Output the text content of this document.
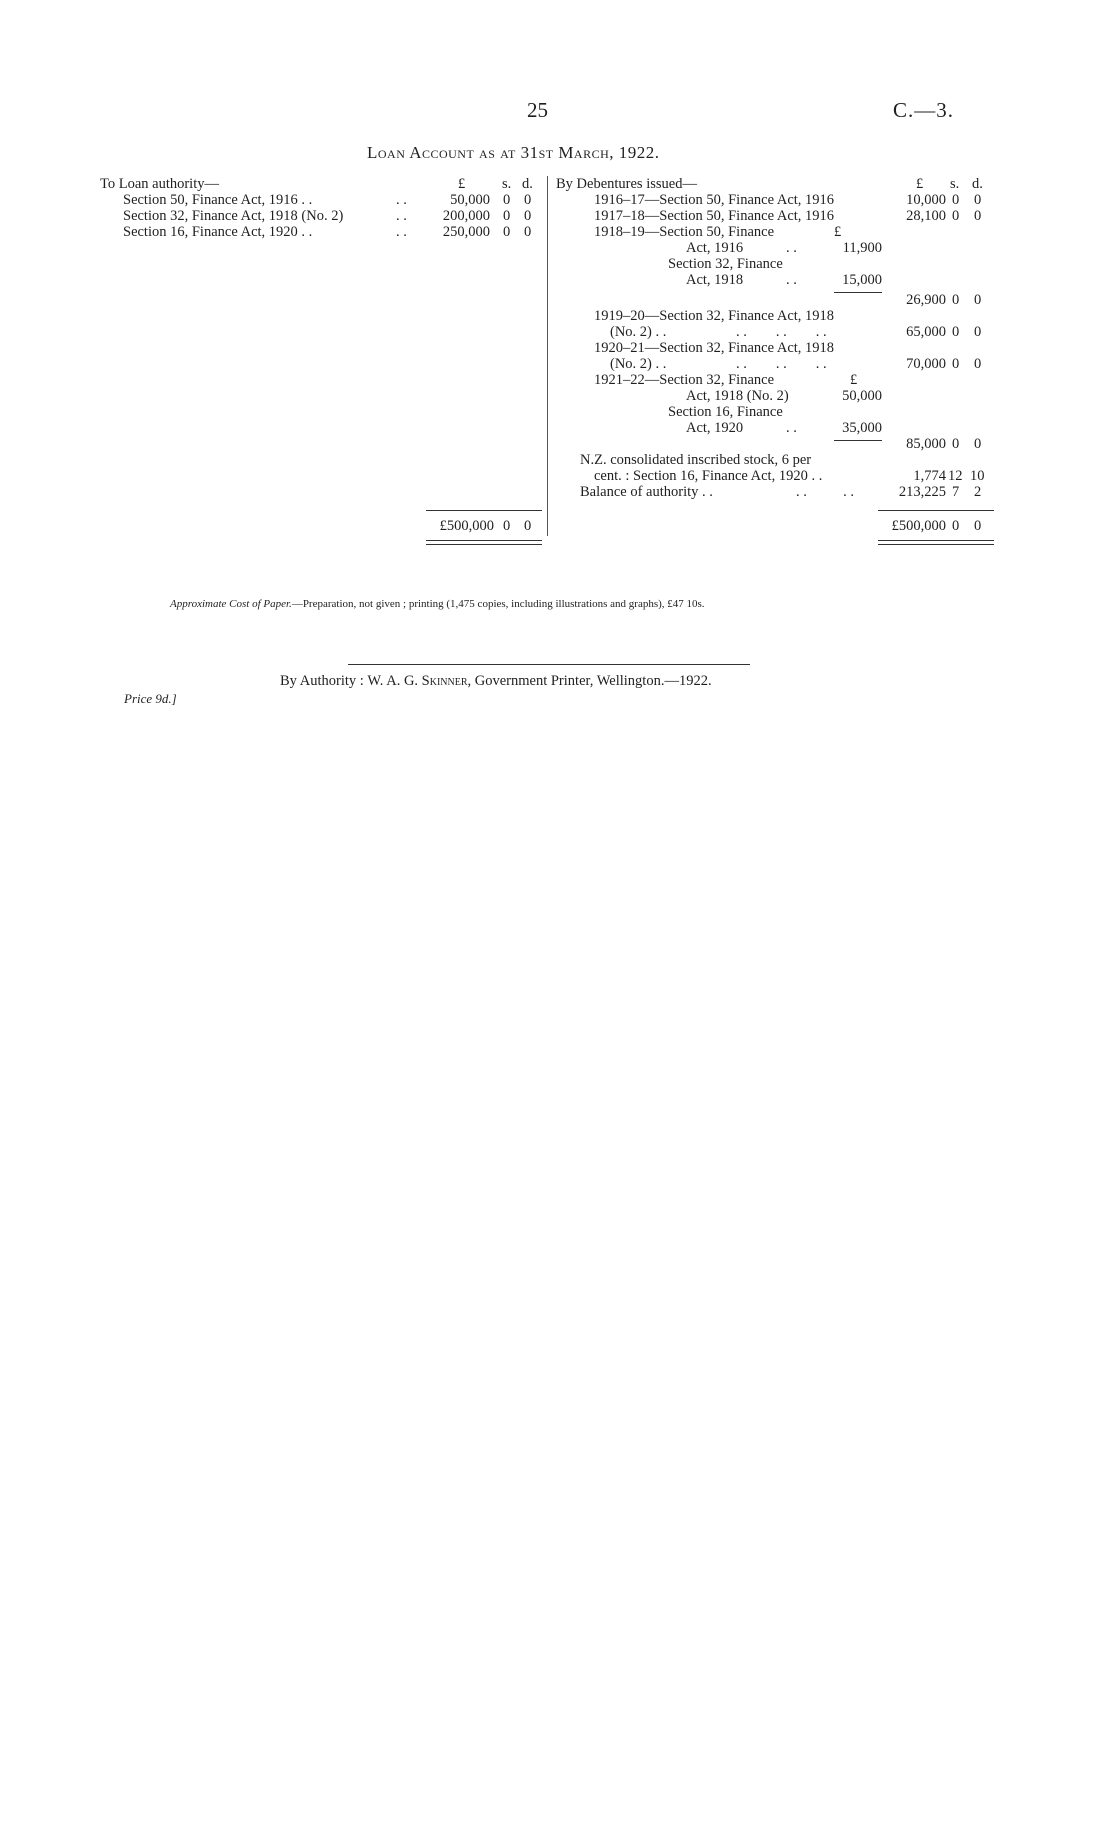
25	C.—3.
Loan Account as at 31st March, 1922.
To Loan authority—	£	s. d.
Section 50, Finance Act, 1916 . .	. .	50,000 0 0
Section 32, Finance Act, 1918 (No. 2)	. .	200,000 0 0
Section 16, Finance Act, 1920 . .	. .	250,000 0 0
£500,000 0 0
By Debentures issued—	£ s. d.
1916–17—Section 50, Finance Act, 1916	10,000 0 0
1917–18—Section 50, Finance Act, 1916	28,100 0 0
1918–19—Section 50, Finance	£
Act, 1916	. .	11,900
Section 32, Finance
Act, 1918	. .	15,000
26,900 0 0
1919–20—Section 32, Finance Act, 1918
(No. 2) . .	. .        . .        . .	65,000 0 0
1920–21—Section 32, Finance Act, 1918
(No. 2) . .	. .        . .        . .	70,000 0 0
1921–22—Section 32, Finance	£
Act, 1918 (No. 2)	50,000
Section 16, Finance
Act, 1920	. .	35,000
85,000 0 0
N.Z. consolidated inscribed stock, 6 per
cent. : Section 16, Finance Act, 1920 . .	1,774 12 10
Balance of authority . .	. .          . .	213,225 7 2
£500,000 0 0
Approximate Cost of Paper.—Preparation, not given ; printing (1,475 copies, including illustrations and graphs), £47 10s.
By Authority : W. A. G. Skinner, Government Printer, Wellington.—1922.
Price 9d.]
